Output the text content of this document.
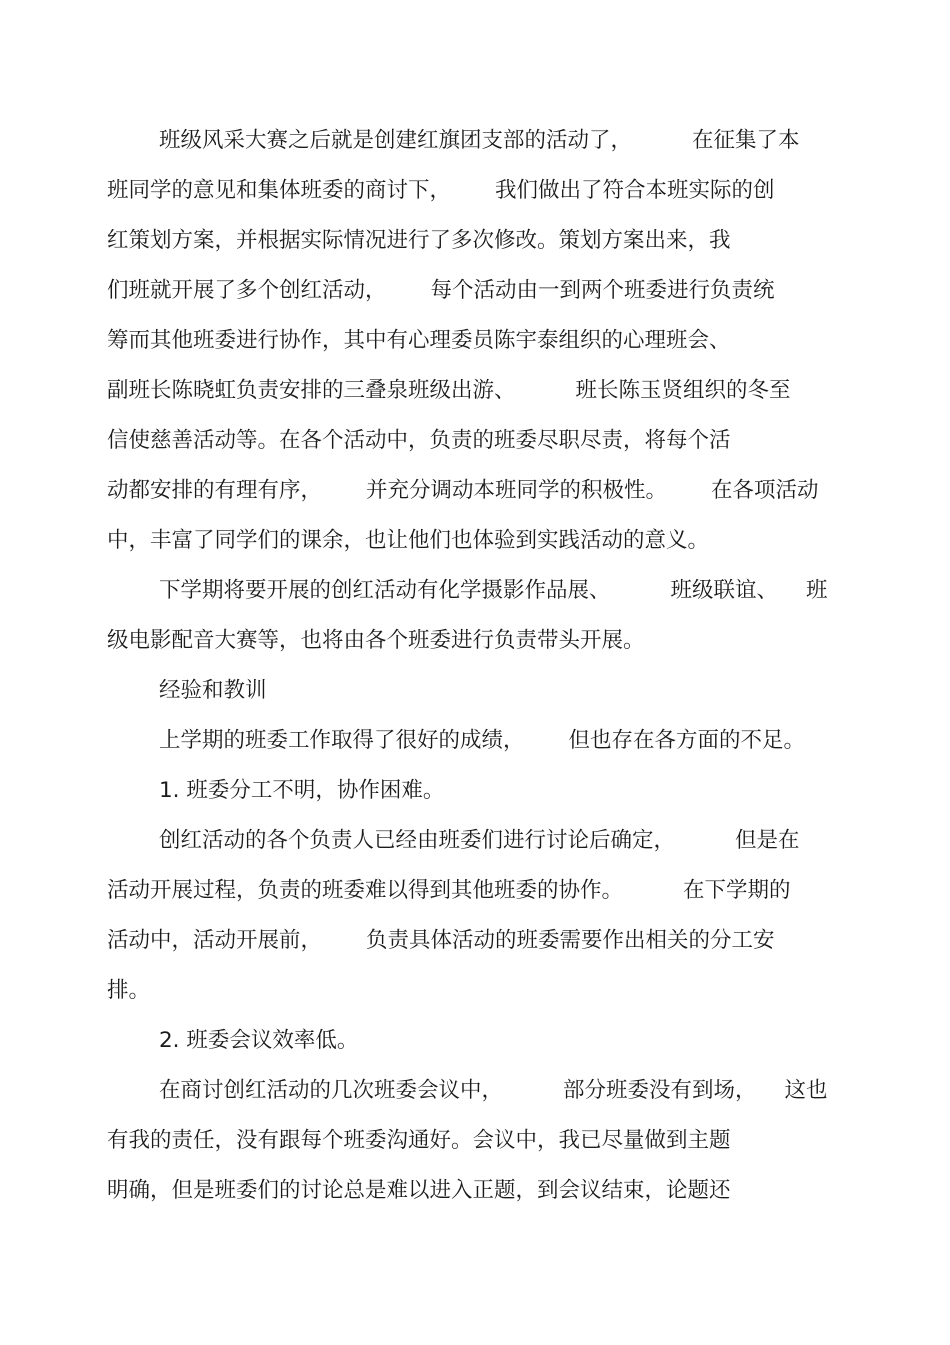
班级风采大赛之后就是创建红旗团支部的活动了，	在征集了本
班同学的意见和集体班委的商讨下， 我们做出了符合本班实际的创
红策划方案，并根据实际情况进行了多次修改。策划方案出来，我
们班就开展了多个创红活动， 每个活动由一到两个班委进行负责统
筹而其他班委进行协作，其中有心理委员陈宇泰组织的心理班会、
副班长陈晓虹负责安排的三叠泉班级出游、	班长陈玉贤组织的冬至
信使慈善活动等。在各个活动中，负责的班委尽职尽责，将每个活
动都安排的有理有序， 并充分调动本班同学的积极性。 在各项活动
中，丰富了同学们的课余，也让他们也体验到实践活动的意义。
下学期将要开展的创红活动有化学摄影作品展、	班级联谊、 班
级电影配音大赛等，也将由各个班委进行负责带头开展。
经验和教训
上学期的班委工作取得了很好的成绩， 但也存在各方面的不足。
1. 班委分工不明，协作困难。
创红活动的各个负责人已经由班委们进行讨论后确定，	但是在
活动开展过程，负责的班委难以得到其他班委的协作。	在下学期的
活动中，活动开展前， 负责具体活动的班委需要作出相关的分工安
排。
2. 班委会议效率低。
在商讨创红活动的几次班委会议中，	部分班委没有到场， 这也
有我的责任，没有跟每个班委沟通好。会议中，我已尽量做到主题
明确，但是班委们的讨论总是难以进入正题，到会议结束，论题还
